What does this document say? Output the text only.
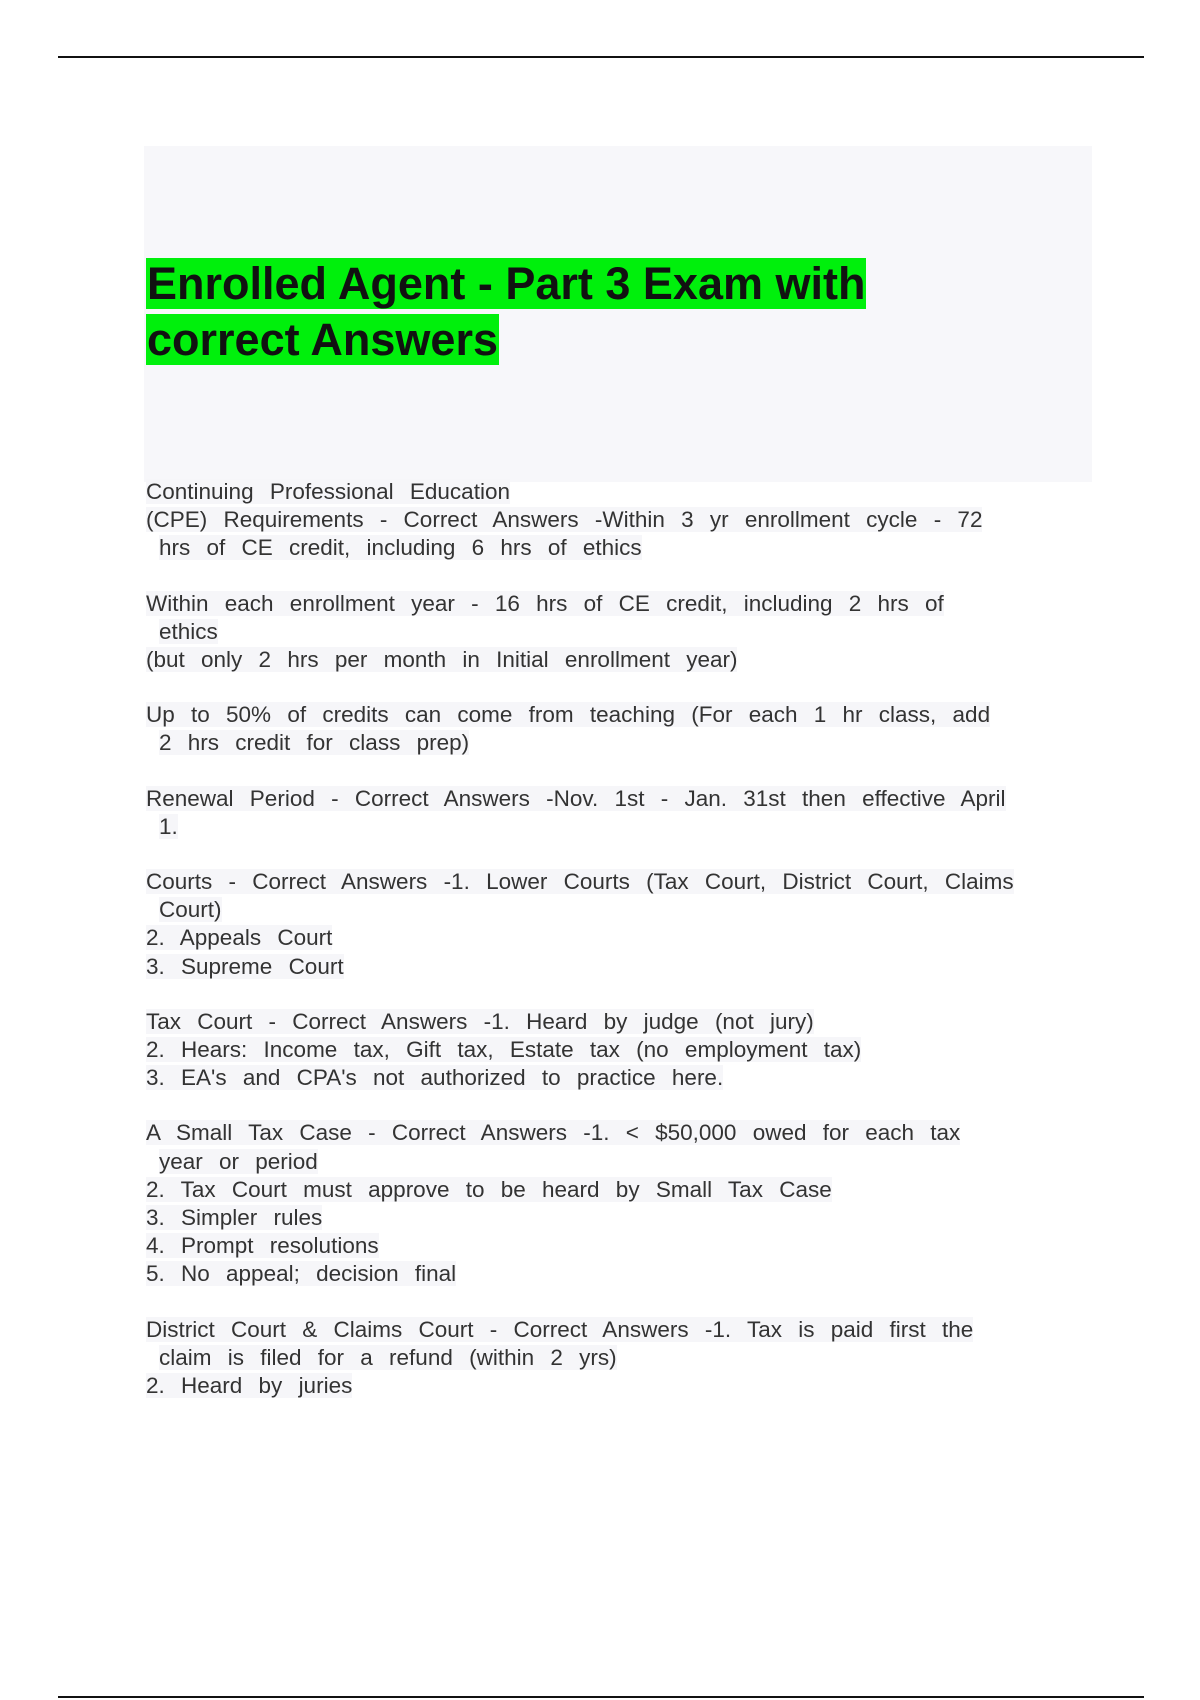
Enrolled Agent - Part 3 Exam with
correct Answers
Continuing Professional Education
(CPE) Requirements - Correct Answers -Within 3 yr enrollment cycle - 72
hrs of CE credit, including 6 hrs of ethics
Within each enrollment year - 16 hrs of CE credit, including 2 hrs of
ethics
(but only 2 hrs per month in Initial enrollment year)
Up to 50% of credits can come from teaching (For each 1 hr class, add
2 hrs credit for class prep)
Renewal Period - Correct Answers -Nov. 1st - Jan. 31st then effective April
1.
Courts - Correct Answers -1. Lower Courts (Tax Court, District Court, Claims
Court)
2. Appeals Court
3. Supreme Court
Tax Court - Correct Answers -1. Heard by judge (not jury)
2. Hears: Income tax, Gift tax, Estate tax (no employment tax)
3. EA's and CPA's not authorized to practice here.
A Small Tax Case - Correct Answers -1. < $50,000 owed for each tax
year or period
2. Tax Court must approve to be heard by Small Tax Case
3. Simpler rules
4. Prompt resolutions
5. No appeal; decision final
District Court & Claims Court - Correct Answers -1. Tax is paid first the
claim is filed for a refund (within 2 yrs)
2. Heard by juries
